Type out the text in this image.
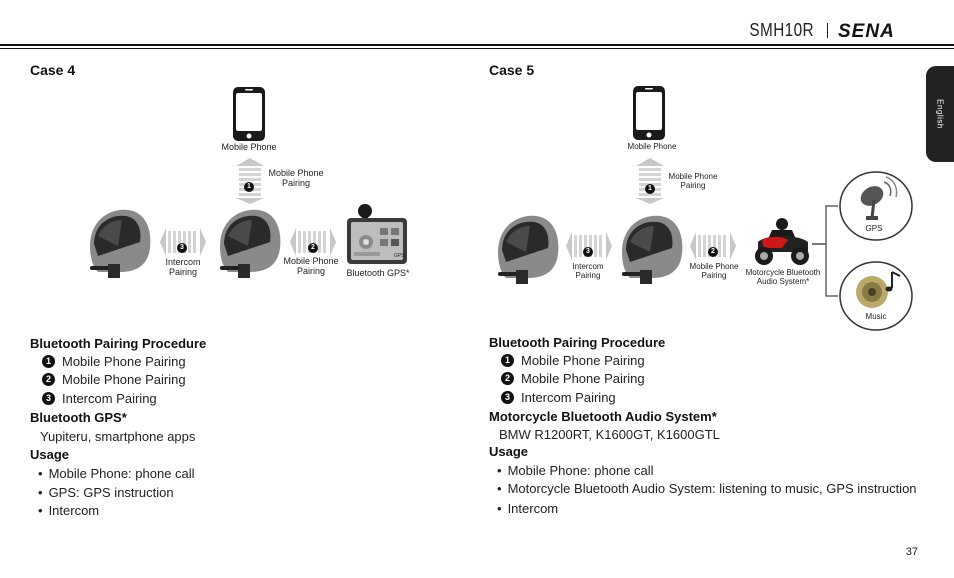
SMH10R SENA
English
Case 4
Mobile Phone
1
Mobile Phone
Pairing
3
Intercom
Pairing
2
Mobile Phone
Pairing
GPS
Bluetooth GPS*
Bluetooth Pairing Procedure
1 Mobile Phone Pairing
2 Mobile Phone Pairing
3 Intercom Pairing
Bluetooth GPS*
Yupiteru, smartphone apps
Usage
• Mobile Phone: phone call
• GPS: GPS instruction
• Intercom
Case 5
Mobile Phone
1
Mobile Phone
Pairing
3
Intercom
Pairing
2
Mobile Phone
Pairing	Motorcycle Bluetooth
Audio System*
GPS
Music
Bluetooth Pairing Procedure
1 Mobile Phone Pairing
2 Mobile Phone Pairing
3 Intercom Pairing
Motorcycle Bluetooth Audio System*
BMW R1200RT, K1600GT, K1600GTL
Usage
• Mobile Phone: phone call
• Motorcycle Bluetooth Audio System: listening to music, GPS instruction
• Intercom
37
